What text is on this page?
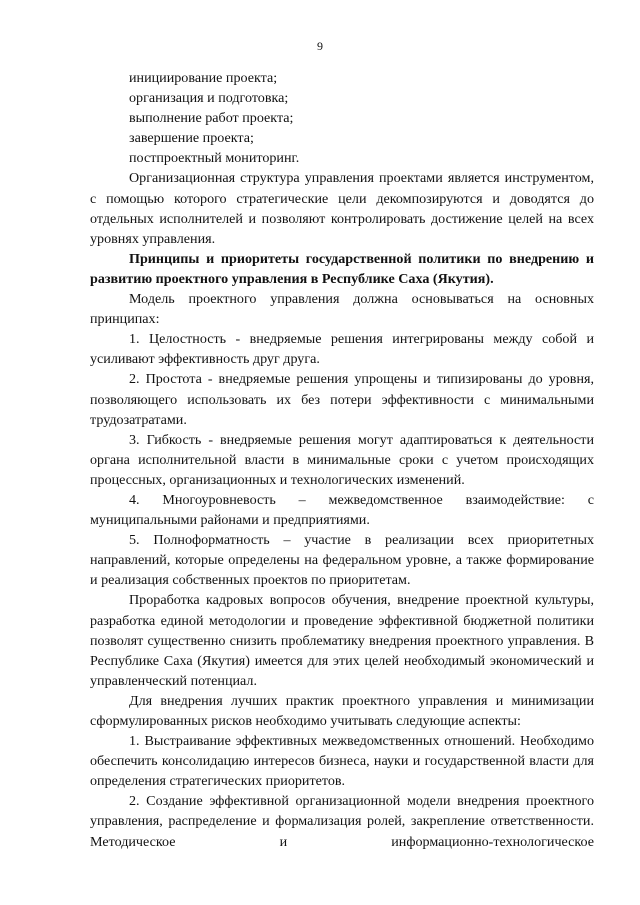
9

инициирование проекта;

организация и подготовка;

выполнение работ проекта;

завершение проекта;

постпроектный мониторинг.

Организационная структура управления проектами является инструментом, с помощью которого стратегические цели декомпозируются и доводятся до отдельных исполнителей и позволяют контролировать достижение целей на всех уровнях управления.

Принципы и приоритеты государственной политики по внедрению и развитию проектного управления в Республике Саха (Якутия).

Модель проектного управления должна основываться на основных принципах:

1. Целостность - внедряемые решения интегрированы между собой и усиливают эффективность друг друга.

2. Простота - внедряемые решения упрощены и типизированы до уровня, позволяющего использовать их без потери эффективности с минимальными трудозатратами.

3. Гибкость - внедряемые решения могут адаптироваться к деятельности органа исполнительной власти в минимальные сроки с учетом происходящих процессных, организационных и технологических изменений.

4. Многоуровневость – межведомственное взаимодействие: с муниципальными районами и предприятиями.

5. Полноформатность – участие в реализации всех приоритетных направлений, которые определены на федеральном уровне, а также формирование и реализация собственных проектов по приоритетам.

Проработка кадровых вопросов обучения, внедрение проектной культуры, разработка единой методологии и проведение эффективной бюджетной политики позволят существенно снизить проблематику внедрения проектного управления. В Республике Саха (Якутия) имеется для этих целей необходимый экономический и управленческий потенциал.

Для внедрения лучших практик проектного управления и минимизации сформулированных рисков необходимо учитывать следующие аспекты:

1. Выстраивание эффективных межведомственных отношений. Необходимо обеспечить консолидацию интересов бизнеса, науки и государственной власти для определения стратегических приоритетов.

2. Создание эффективной организационной модели внедрения проектного управления, распределение и формализация ролей, закрепление ответственности. Методическое и информационно-технологическое
